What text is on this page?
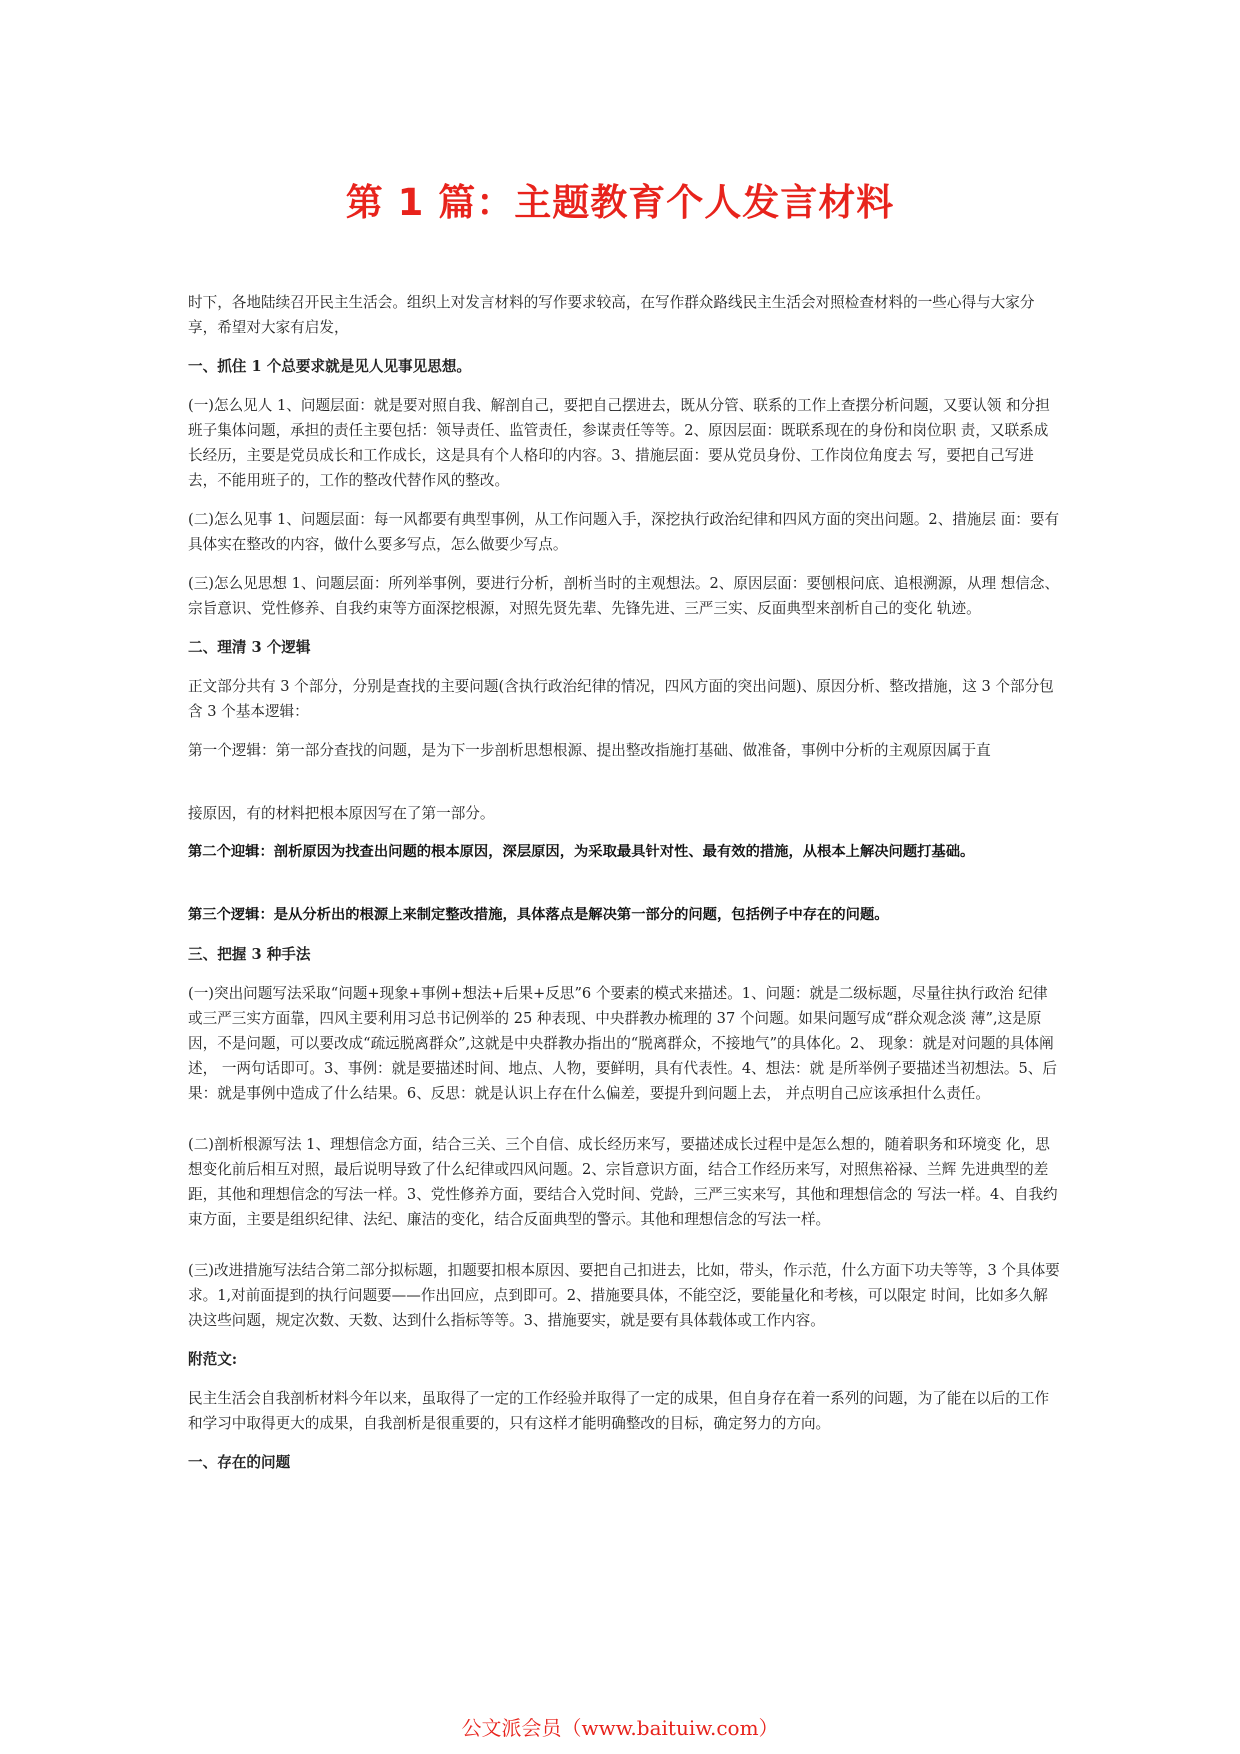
第 1 篇：主题教育个人发言材料

时下，各地陆续召开民主生活会。组织上对发言材料的写作要求较高，在写作群众路线民主生活会对照检查材料的一些心得与大家分享，希望对大家有启发，

一、抓住 1 个总要求就是见人见事见思想。

(一)怎么见人 1、问题层面：就是要对照自我、解剖自己，要把自己摆进去，既从分管、联系的工作上查摆分析问题，又要认领 和分担班子集体问题，承担的责任主要包括：领导责任、监管责任，参谋责任等等。2、原因层面：既联系现在的身份和岗位职 责，又联系成长经历，主要是党员成长和工作成长，这是具有个人格印的内容。3、措施层面：要从党员身份、工作岗位角度去 写，要把自己写进去，不能用班子的，工作的整改代替作风的整改。

(二)怎么见事 1、问题层面：每一风都要有典型事例，从工作问题入手，深挖执行政治纪律和四风方面的突出问题。2、措施层 面：要有具体实在整改的内容，做什么要多写点，怎么做要少写点。

(三)怎么见思想 1、问题层面：所列举事例，要进行分析，剖析当时的主观想法。2、原因层面：要刨根问底、追根溯源，从理 想信念、宗旨意识、党性修养、自我约束等方面深挖根源，对照先贤先辈、先锋先进、三严三实、反面典型来剖析自己的变化 轨迹。

二、理清 3 个逻辑

正文部分共有 3 个部分，分别是查找的主要问题(含执行政治纪律的情况，四风方面的突出问题)、原因分析、整改措施，这 3 个部分包含 3 个基本逻辑：

第一个逻辑：第一部分查找的问题，是为下一步剖析思想根源、提出整改指施打基础、做准备，事例中分析的主观原因属于直

接原因，有的材料把根本原因写在了第一部分。

第二个迎辑：剖析原因为找查出问题的根本原因，深层原因，为采取最具针对性、最有效的措施，从根本上解决问题打基础。

第三个逻辑：是从分析出的根源上来制定整改措施，具体落点是解决第一部分的问题，包括例子中存在的问题。

三、把握 3 种手法

(一)突出问题写法采取“问题+现象+事例+想法+后果+反思”6 个要素的模式来描述。1、问题：就是二级标题，尽量往执行政治 纪律或三严三实方面靠，四风主要利用习总书记例举的 25 种表现、中央群教办梳理的 37 个问题。如果问题写成“群众观念淡 薄”,这是原因，不是问题，可以要改成“疏远脱离群众”,这就是中央群教办指出的“脱离群众，不接地气”的具体化。2、 现象：就是对问题的具体阐述， 一两句话即可。3、事例：就是要描述时间、地点、人物，要鲜明，具有代表性。4、想法：就 是所举例子要描述当初想法。5、后果：就是事例中造成了什么结果。6、反思：就是认识上存在什么偏差，要提升到问题上去， 并点明自己应该承担什么责任。

(二)剖析根源写法 1、理想信念方面，结合三关、三个自信、成长经历来写，要描述成长过程中是怎么想的，随着职务和环境变 化，思想变化前后相互对照，最后说明导致了什么纪律或四风问题。2、宗旨意识方面，结合工作经历来写，对照焦裕禄、兰辉 先进典型的差距，其他和理想信念的写法一样。3、党性修养方面，要结合入党时间、党龄，三严三实来写，其他和理想信念的 写法一样。4、自我约束方面，主要是组织纪律、法纪、廉洁的变化，结合反面典型的警示。其他和理想信念的写法一样。

(三)改进措施写法结合第二部分拟标题，扣题要扣根本原因、要把自己扣进去，比如，带头，作示范，什么方面下功夫等等，3 个具体要求。1,对前面提到的执行问题要——作出回应，点到即可。2、措施要具体，不能空泛，要能量化和考核，可以限定 时间，比如多久解决这些问题，规定次数、天数、达到什么指标等等。3、措施要实，就是要有具体载体或工作内容。

附范文:

民主生活会自我剖析材料今年以来，虽取得了一定的工作经验并取得了一定的成果，但自身存在着一系列的问题，为了能在以后的工作和学习中取得更大的成果，自我剖析是很重要的，只有这样才能明确整改的目标，确定努力的方向。

一、存在的问题
公文派会员（www.baituiw.com）
